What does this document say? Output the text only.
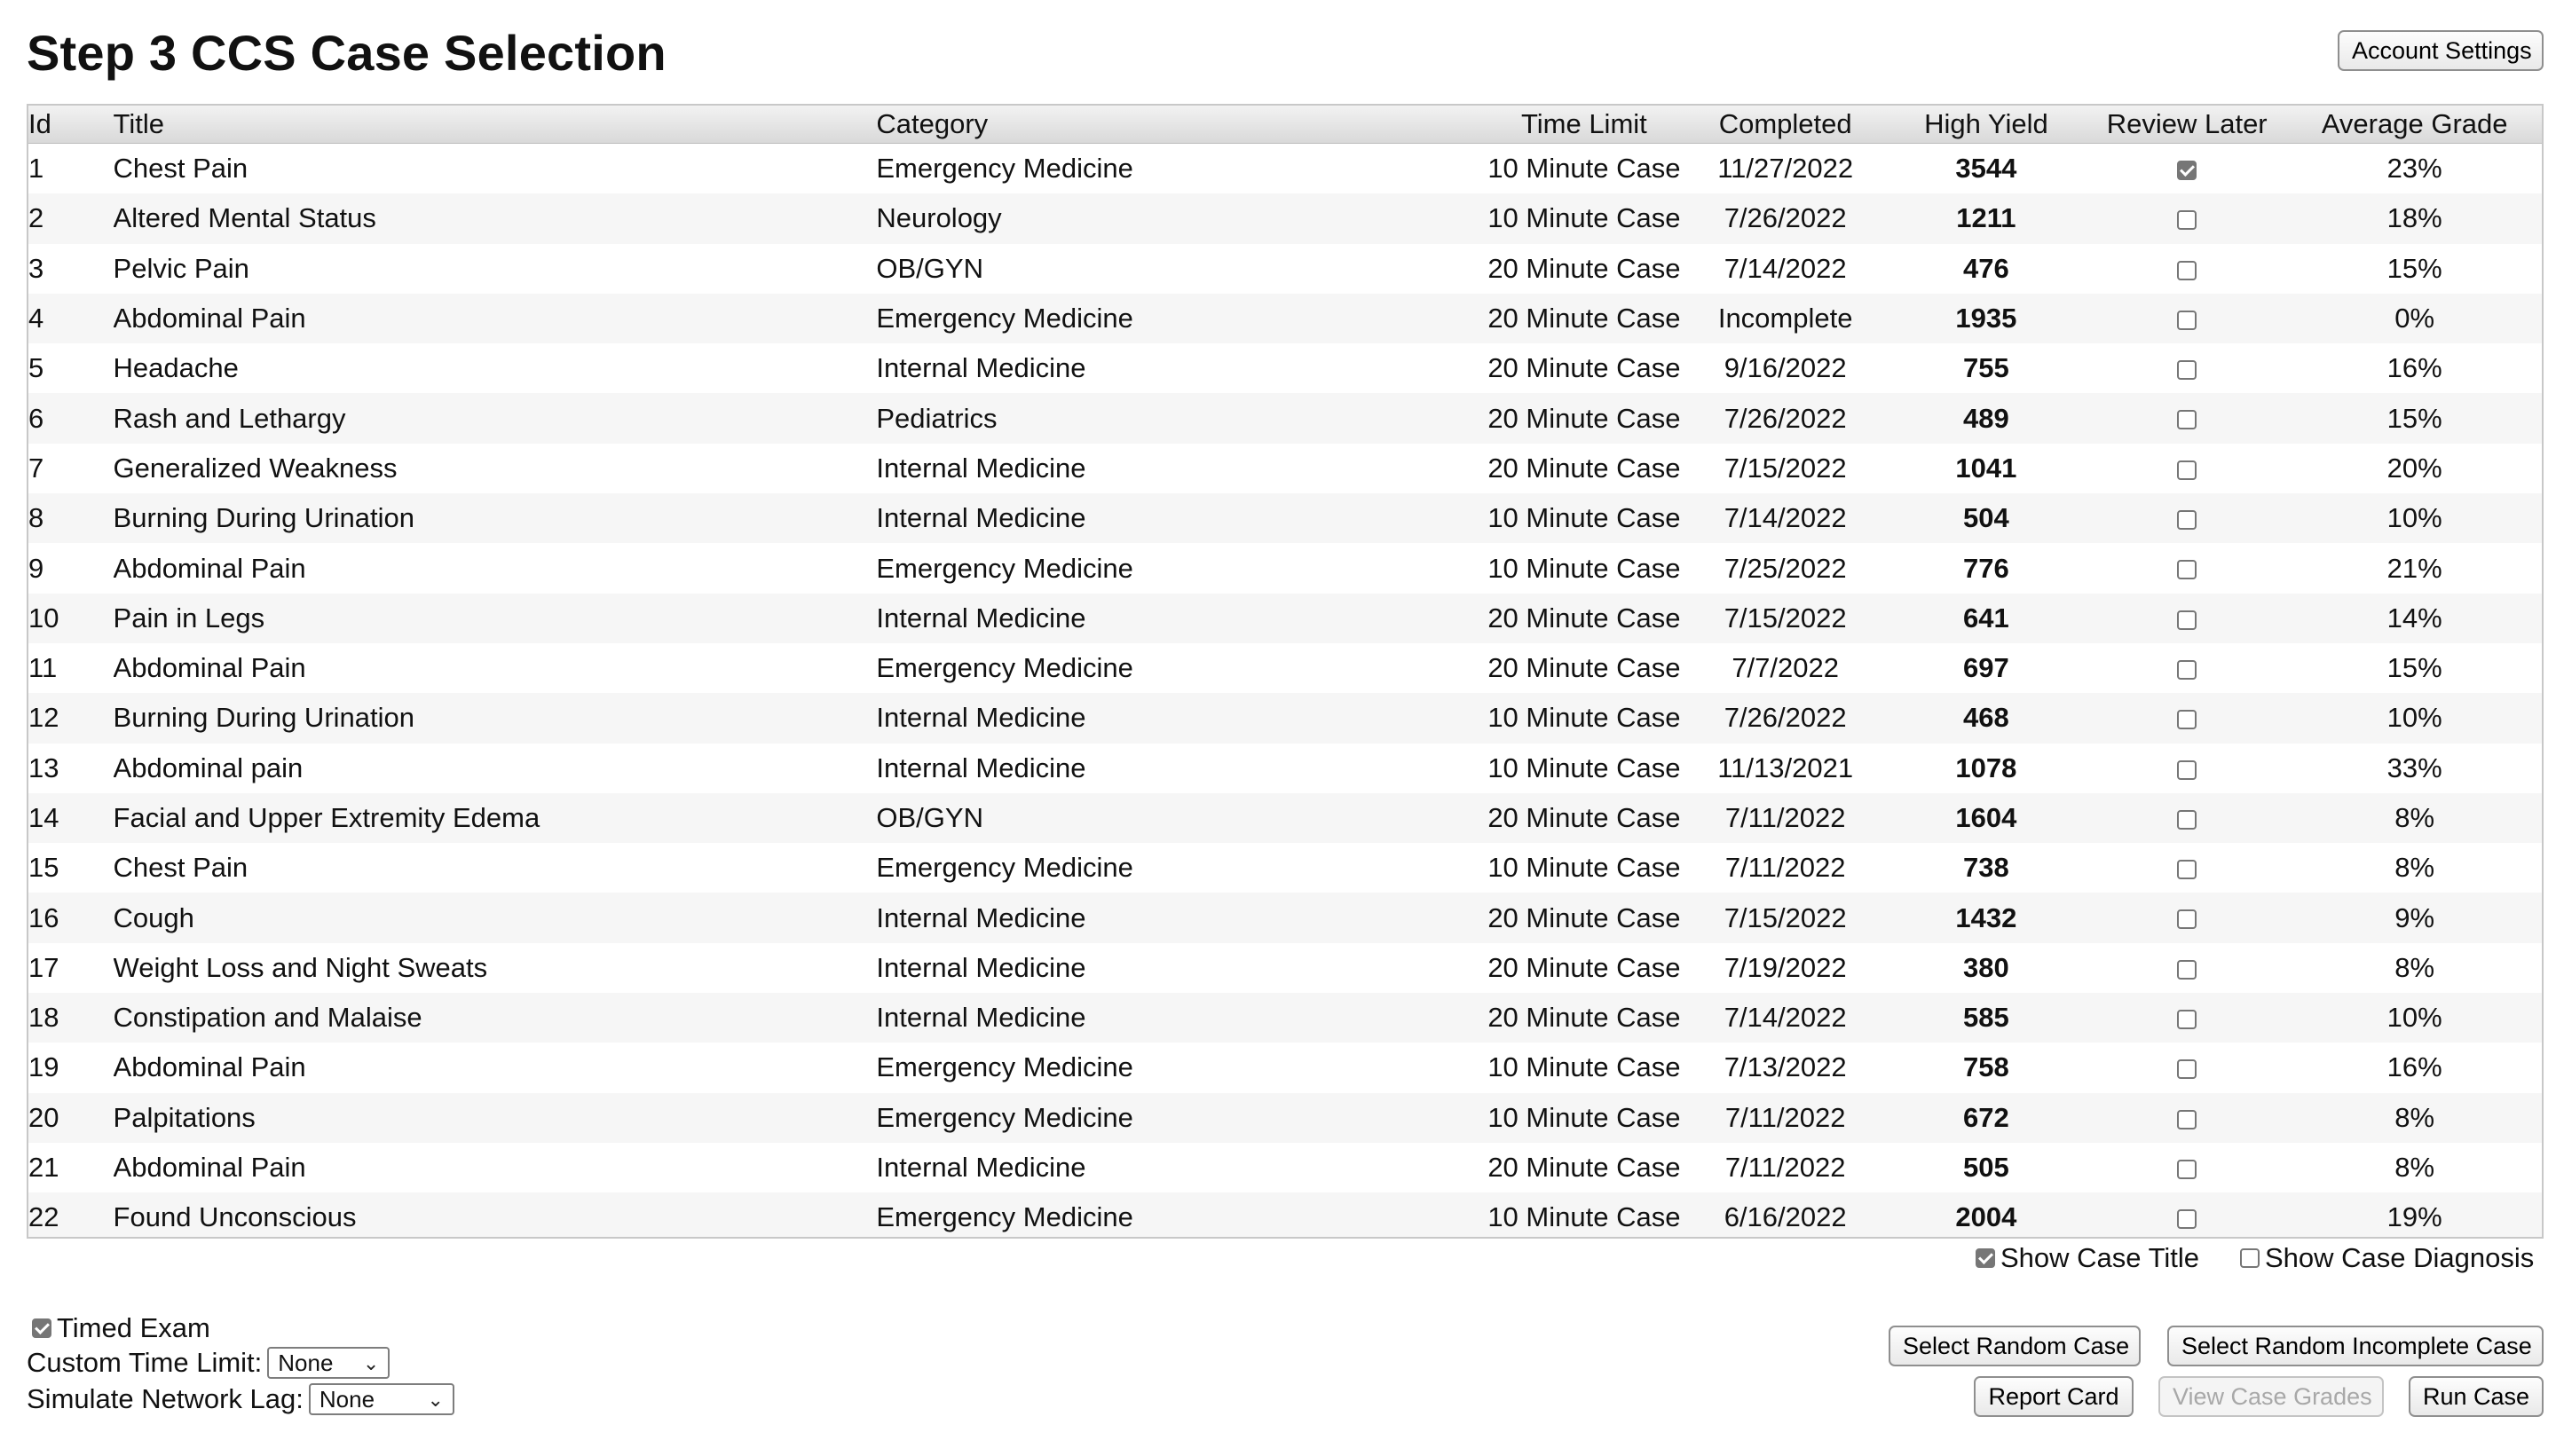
Step 3 CCS Case Selection	Account Settings
Id	Title	Category	Time Limit	Completed	High Yield	Review Later	Average Grade
1	Chest Pain	Emergency Medicine	10 Minute Case	11/27/2022	3544		23%
2	Altered Mental Status	Neurology	10 Minute Case	7/26/2022	1211		18%
3	Pelvic Pain	OB/GYN	20 Minute Case	7/14/2022	476		15%
4	Abdominal Pain	Emergency Medicine	20 Minute Case	Incomplete	1935		0%
5	Headache	Internal Medicine	20 Minute Case	9/16/2022	755		16%
6	Rash and Lethargy	Pediatrics	20 Minute Case	7/26/2022	489		15%
7	Generalized Weakness	Internal Medicine	20 Minute Case	7/15/2022	1041		20%
8	Burning During Urination	Internal Medicine	10 Minute Case	7/14/2022	504		10%
9	Abdominal Pain	Emergency Medicine	10 Minute Case	7/25/2022	776		21%
10	Pain in Legs	Internal Medicine	20 Minute Case	7/15/2022	641		14%
11	Abdominal Pain	Emergency Medicine	20 Minute Case	7/7/2022	697		15%
12	Burning During Urination	Internal Medicine	10 Minute Case	7/26/2022	468		10%
13	Abdominal pain	Internal Medicine	10 Minute Case	11/13/2021	1078		33%
14	Facial and Upper Extremity Edema	OB/GYN	20 Minute Case	7/11/2022	1604		8%
15	Chest Pain	Emergency Medicine	10 Minute Case	7/11/2022	738		8%
16	Cough	Internal Medicine	20 Minute Case	7/15/2022	1432		9%
17	Weight Loss and Night Sweats	Internal Medicine	20 Minute Case	7/19/2022	380		8%
18	Constipation and Malaise	Internal Medicine	20 Minute Case	7/14/2022	585		10%
19	Abdominal Pain	Emergency Medicine	10 Minute Case	7/13/2022	758		16%
20	Palpitations	Emergency Medicine	10 Minute Case	7/11/2022	672		8%
21	Abdominal Pain	Internal Medicine	20 Minute Case	7/11/2022	505		8%
22	Found Unconscious	Emergency Medicine	10 Minute Case	6/16/2022	2004		19%
Show Case Title	Show Case Diagnosis
Timed Exam
Custom Time Limit: None ⌄
Simulate Network Lag: None	⌄
Select Random Case	Select Random Incomplete Case
Report Card	View Case Grades	Run Case
